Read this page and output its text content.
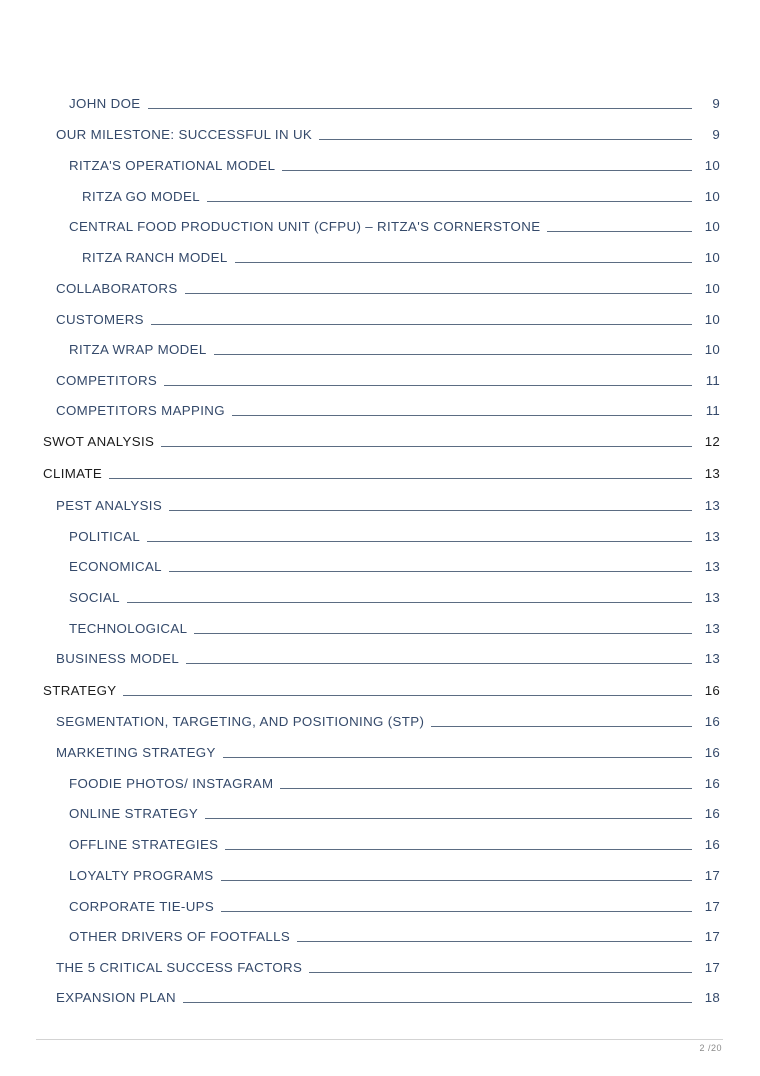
JOHN DOE	9
OUR MILESTONE: SUCCESSFUL IN UK	9
RITZA'S OPERATIONAL MODEL	10
RITZA GO MODEL	10
CENTRAL FOOD PRODUCTION UNIT (CFPU) – RITZA'S CORNERSTONE	10
RITZA RANCH MODEL	10
COLLABORATORS	10
CUSTOMERS	10
RITZA WRAP MODEL	10
COMPETITORS	11
COMPETITORS MAPPING	11
SWOT ANALYSIS	12
CLIMATE	13
PEST ANALYSIS	13
POLITICAL	13
ECONOMICAL	13
SOCIAL	13
TECHNOLOGICAL	13
BUSINESS MODEL	13
STRATEGY	16
SEGMENTATION, TARGETING, AND POSITIONING (STP)	16
MARKETING STRATEGY	16
FOODIE PHOTOS/ INSTAGRAM	16
ONLINE STRATEGY	16
OFFLINE STRATEGIES	16
LOYALTY PROGRAMS	17
CORPORATE TIE-UPS	17
OTHER DRIVERS OF FOOTFALLS	17
THE 5 CRITICAL SUCCESS FACTORS	17
EXPANSION PLAN	18
2 /20
